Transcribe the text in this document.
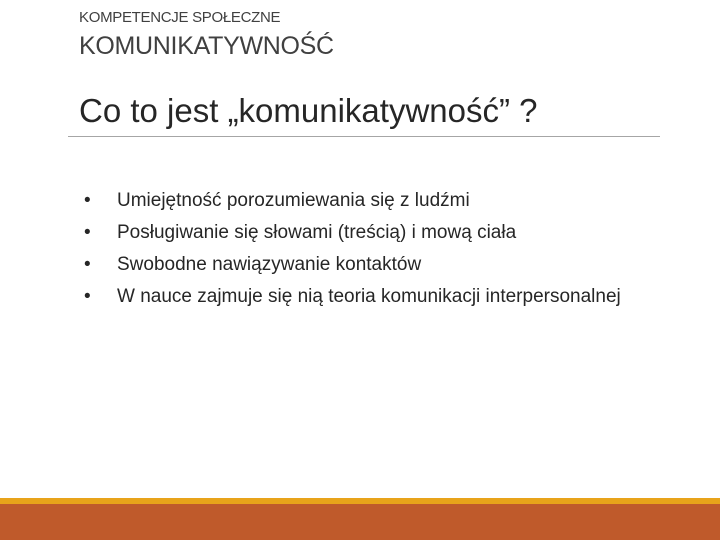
KOMPETENCJE SPOŁECZNE
KOMUNIKATYWNOŚĆ
Co to jest „komunikatywność” ?
• Umiejętność porozumiewania się z ludźmi
• Posługiwanie się słowami (treścią) i mową ciała
• Swobodne nawiązywanie kontaktów
• W nauce zajmuje się nią teoria komunikacji interpersonalnej
